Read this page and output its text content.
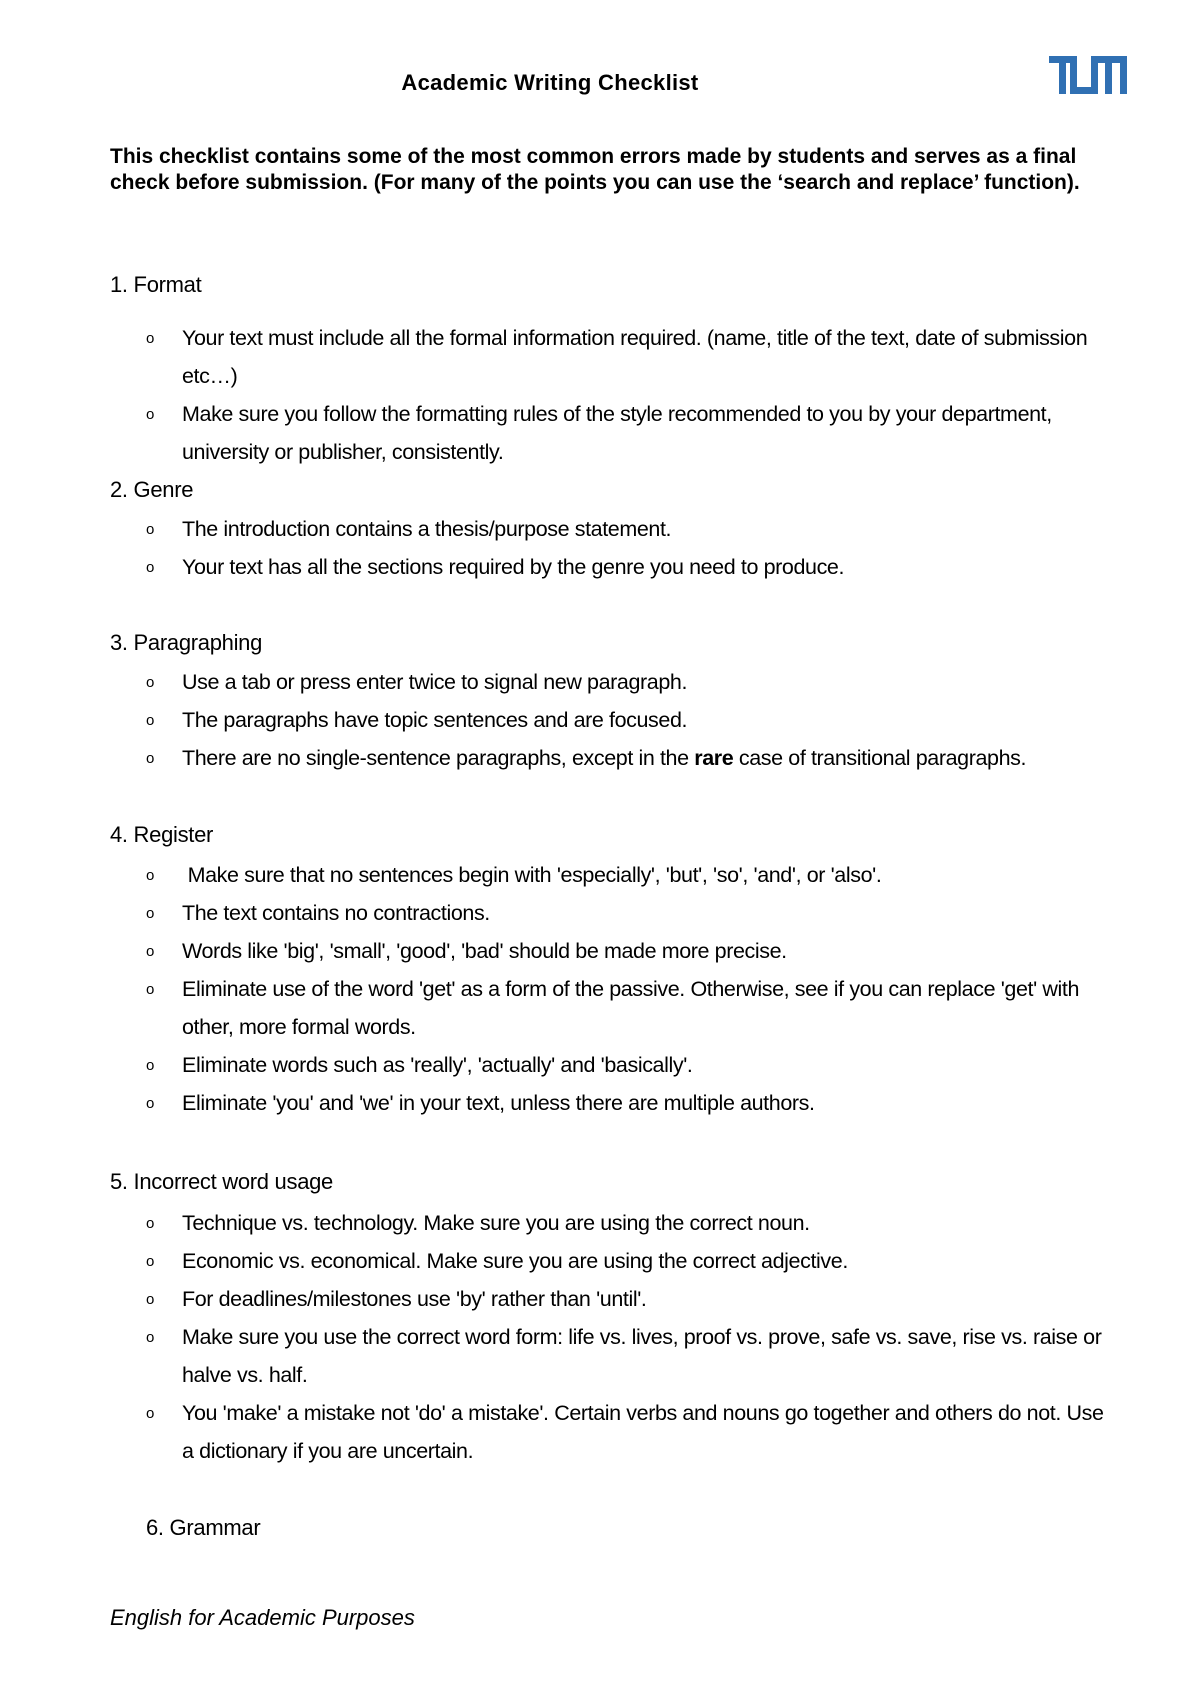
Academic Writing Checklist
This checklist contains some of the most common errors made by students and serves as a final check before submission. (For many of the points you can use the ‘search and replace’ function).
1. Format
o Your text must include all the formal information required. (name, title of the text, date of submission etc…)
o Make sure you follow the formatting rules of the style recommended to you by your department, university or publisher, consistently.
2. Genre
o The introduction contains a thesis/purpose statement.
o Your text has all the sections required by the genre you need to produce.
3. Paragraphing
o Use a tab or press enter twice to signal new paragraph.
o The paragraphs have topic sentences and are focused.
o There are no single-sentence paragraphs, except in the rare case of transitional paragraphs.
4. Register
o Make sure that no sentences begin with 'especially', 'but', 'so', 'and', or 'also'.
o The text contains no contractions.
o Words like 'big', 'small', 'good', 'bad' should be made more precise.
o Eliminate use of the word 'get' as a form of the passive. Otherwise, see if you can replace 'get' with other, more formal words.
o Eliminate words such as 'really', 'actually' and 'basically'.
o Eliminate 'you' and 'we' in your text, unless there are multiple authors.
5. Incorrect word usage
o Technique vs. technology. Make sure you are using the correct noun.
o Economic vs. economical. Make sure you are using the correct adjective.
o For deadlines/milestones use 'by' rather than 'until'.
o Make sure you use the correct word form: life vs. lives, proof vs. prove, safe vs. save, rise vs. raise or halve vs. half.
o You 'make' a mistake not 'do' a mistake'. Certain verbs and nouns go together and others do not. Use a dictionary if you are uncertain.
6. Grammar
English for Academic Purposes
